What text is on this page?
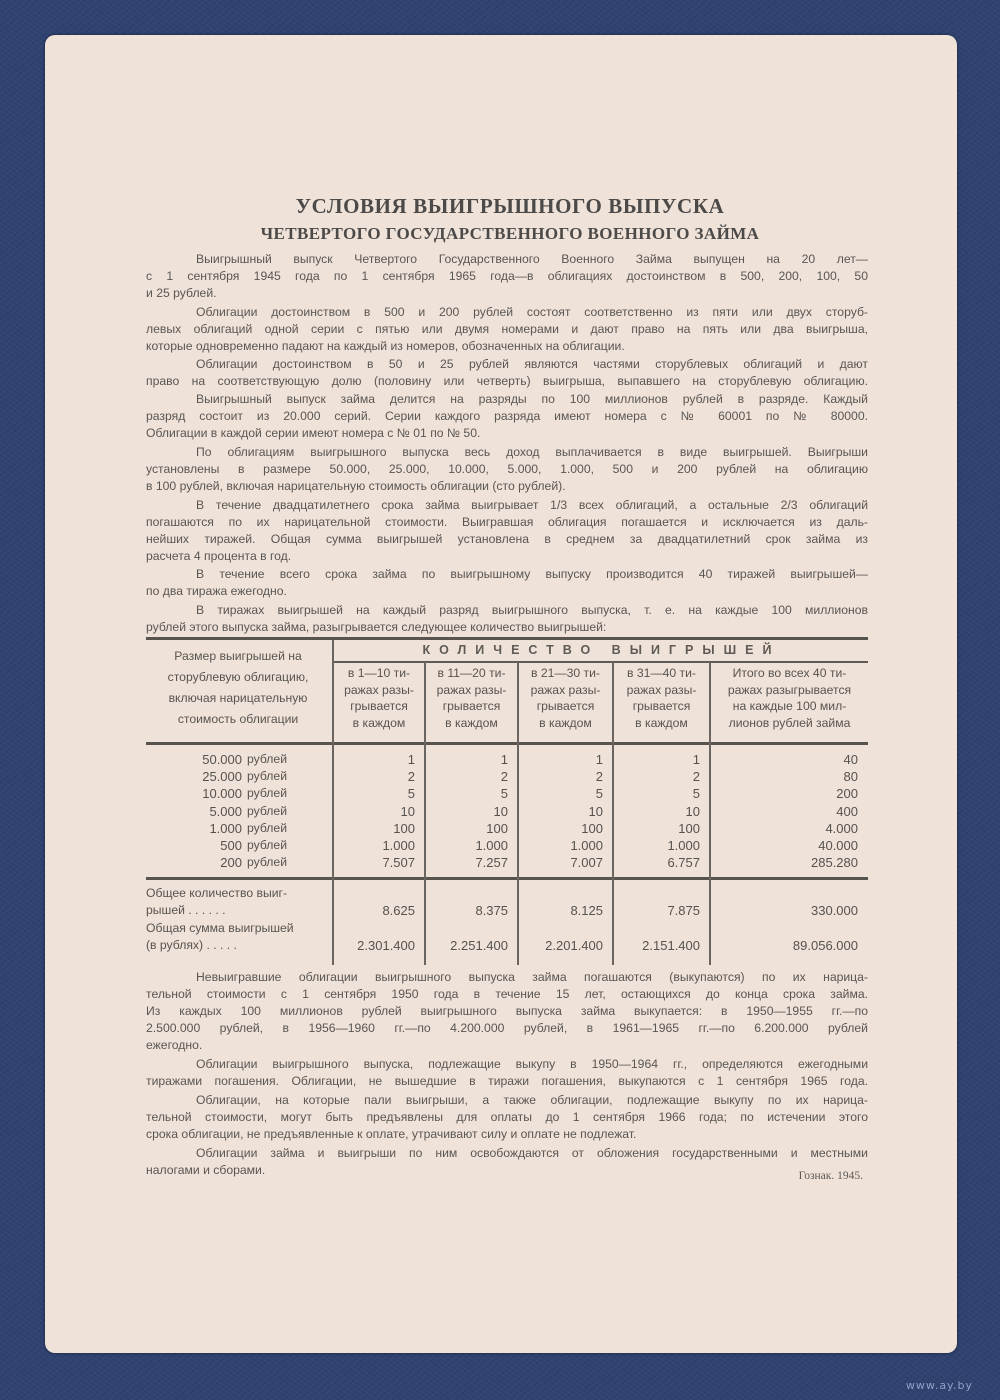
УСЛОВИЯ ВЫИГРЫШНОГО ВЫПУСКА
ЧЕТВЕРТОГО ГОСУДАРСТВЕННОГО ВОЕННОГО ЗАЙМА
Выигрышный выпуск Четвертого Государственного Военного Займа выпущен на 20 лет—
с 1 сентября 1945 года по 1 сентября 1965 года—в облигациях достоинством в 500, 200, 100, 50
и 25 рублей.
Облигации достоинством в 500 и 200 рублей состоят соответственно из пяти или двух сторуб-
левых облигаций одной серии с пятью или двумя номерами и дают право на пять или два выигрыша,
которые одновременно падают на каждый из номеров, обозначенных на облигации.
Облигации достоинством в 50 и 25 рублей являются частями сторублевых облигаций и дают
право на соответствующую долю (половину или четверть) выигрыша, выпавшего на сторублевую облигацию.
Выигрышный выпуск займа делится на разряды по 100 миллионов рублей в разряде. Каждый
разряд состоит из 20.000 серий. Серии каждого разряда имеют номера с № 60001 по № 80000.
Облигации в каждой серии имеют номера с № 01 по № 50.
По облигациям выигрышного выпуска весь доход выплачивается в виде выигрышей. Выигрыши
установлены в размере 50.000, 25.000, 10.000, 5.000, 1.000, 500 и 200 рублей на облигацию
в 100 рублей, включая нарицательную стоимость облигации (сто рублей).
В течение двадцатилетнего срока займа выигрывает 1/3 всех облигаций, а остальные 2/3 облигаций
погашаются по их нарицательной стоимости. Выигравшая облигация погашается и исключается из даль-
нейших тиражей. Общая сумма выигрышей установлена в среднем за двадцатилетний срок займа из
расчета 4 процента в год.
В течение всего срока займа по выигрышному выпуску производится 40 тиражей выигрышей—
по два тиража ежегодно.
В тиражах выигрышей на каждый разряд выигрышного выпуска, т. е. на каждые 100 миллионов
рублей этого выпуска займа, разыгрывается следующее количество выигрышей:
Размер выигрышей на
сторублевую облигацию,
включая нарицательную
стоимость облигации
КОЛИЧЕСТВО ВЫИГРЫШЕЙ
в 1—10 ти-
ражах разы-
грывается
в каждом
в 11—20 ти-
ражах разы-
грывается
в каждом
в 21—30 ти-
ражах разы-
грывается
в каждом
в 31—40 ти-
ражах разы-
грывается
в каждом
Итого во всех 40 ти-
ражах разыгрывается
на каждые 100 мил-
лионов рублей займа
50.000 рублей	1	1	1	1	40
25.000 рублей	2	2	2	2	80
10.000 рублей	5	5	5	5	200
5.000 рублей	10	10	10	10	400
1.000 рублей	100	100	100	100	4.000
500 рублей	1.000	1.000	1.000	1.000	40.000
200 рублей	7.507	7.257	7.007	6.757	285.280
Общее количество выиг-
рышей . . . . . .	8.625	8.375	8.125	7.875	330.000
Общая сумма выигрышей
(в рублях) . . . . .	2.301.400	2.251.400	2.201.400	2.151.400	89.056.000
Невыигравшие облигации выигрышного выпуска займа погашаются (выкупаются) по их нарица-
тельной стоимости с 1 сентября 1950 года в течение 15 лет, остающихся до конца срока займа.
Из каждых 100 миллионов рублей выигрышного выпуска займа выкупается: в 1950—1955 гг.—по
2.500.000 рублей, в 1956—1960 гг.—по 4.200.000 рублей, в 1961—1965 гг.—по 6.200.000 рублей
ежегодно.
Облигации выигрышного выпуска, подлежащие выкупу в 1950—1964 гг., определяются ежегодными
тиражами погашения. Облигации, не вышедшие в тиражи погашения, выкупаются с 1 сентября 1965 года.
Облигации, на которые пали выигрыши, а также облигации, подлежащие выкупу по их нарица-
тельной стоимости, могут быть предъявлены для оплаты до 1 сентября 1966 года; по истечении этого
срока облигации, не предъявленные к оплате, утрачивают силу и оплате не подлежат.
Облигации займа и выигрыши по ним освобождаются от обложения государственными и местными
налогами и сборами.	Гознак. 1945.
www.ay.by
